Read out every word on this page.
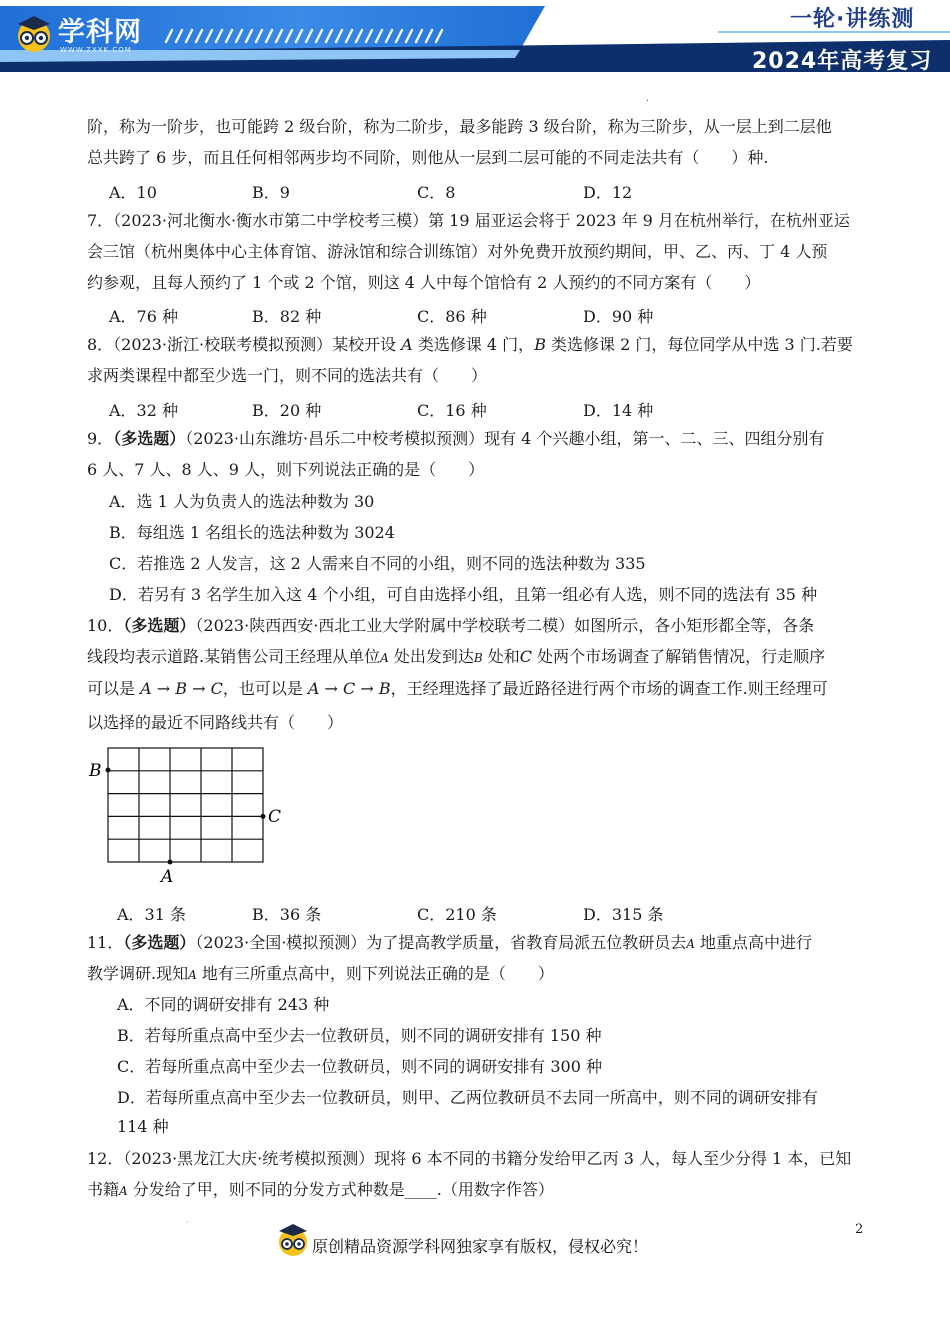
学科网
WWW.ZXXK.COM
一轮·讲练测
2024年高考复习
·
阶，称为一阶步，也可能跨 2 级台阶，称为二阶步，最多能跨 3 级台阶，称为三阶步，从一层上到二层他
总共跨了 6 步，而且任何相邻两步均不同阶，则他从一层到二层可能的不同走法共有（　　）种.
A．10	B．9	C．8	D．12
7．（2023·河北衡水·衡水市第二中学校考三模）第 19 届亚运会将于 2023 年 9 月在杭州举行，在杭州亚运
会三馆（杭州奥体中心主体育馆、游泳馆和综合训练馆）对外免费开放预约期间，甲、乙、丙、丁 4 人预
约参观，且每人预约了 1 个或 2 个馆，则这 4 人中每个馆恰有 2 人预约的不同方案有（　　）
A．76 种	B．82 种	C．86 种	D．90 种
8．（2023·浙江·校联考模拟预测）某校开设 A 类选修课 4 门，B 类选修课 2 门，每位同学从中选 3 门.若要
求两类课程中都至少选一门，则不同的选法共有（　　）
A．32 种	B．20 种	C．16 种	D．14 种
9．（多选题）（2023·山东潍坊·昌乐二中校考模拟预测）现有 4 个兴趣小组，第一、二、三、四组分别有
6 人、7 人、8 人、9 人，则下列说法正确的是（　　）
A．选 1 人为负责人的选法种数为 30
B．每组选 1 名组长的选法种数为 3024
C．若推选 2 人发言，这 2 人需来自不同的小组，则不同的选法种数为 335
D．若另有 3 名学生加入这 4 个小组，可自由选择小组，且第一组必有人选，则不同的选法有 35 种
10．（多选题）（2023·陕西西安·西北工业大学附属中学校联考二模）如图所示，各小矩形都全等，各条
线段均表示道路.某销售公司王经理从单位A 处出发到达B 处和C 处两个市场调查了解销售情况，行走顺序
可以是 A → B → C，也可以是 A → C → B，王经理选择了最近路径进行两个市场的调查工作.则王经理可
以选择的最近不同路线共有（　　）
A．31 条	B．36 条	C．210 条	D．315 条
11．（多选题）（2023·全国·模拟预测）为了提高教学质量，省教育局派五位教研员去A 地重点高中进行
教学调研.现知A 地有三所重点高中，则下列说法正确的是（　　）
A．不同的调研安排有 243 种
B．若每所重点高中至少去一位教研员，则不同的调研安排有 150 种
C．若每所重点高中至少去一位教研员，则不同的调研安排有 300 种
D．若每所重点高中至少去一位教研员，则甲、乙两位教研员不去同一所高中，则不同的调研安排有
114 种
12．（2023·黑龙江大庆·统考模拟预测）现将 6 本不同的书籍分发给甲乙丙 3 人，每人至少分得 1 本，已知
书籍A 分发给了甲，则不同的分发方式种数是____.（用数字作答）
B
C
A
·
原创精品资源学科网独家享有版权，侵权必究！
2
